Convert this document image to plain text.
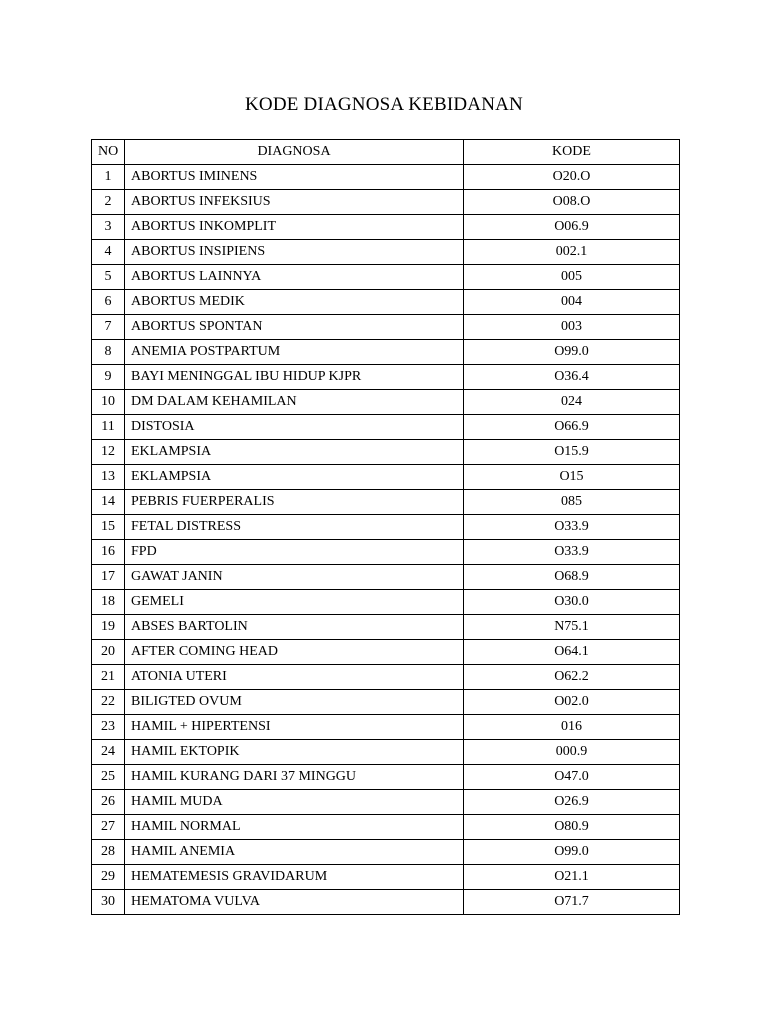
KODE DIAGNOSA KEBIDANAN
NO	DIAGNOSA	KODE
1	ABORTUS IMINENS	O20.O
2	ABORTUS INFEKSIUS	O08.O
3	ABORTUS INKOMPLIT	O06.9
4	ABORTUS INSIPIENS	002.1
5	ABORTUS LAINNYA	005
6	ABORTUS MEDIK	004
7	ABORTUS SPONTAN	003
8	ANEMIA POSTPARTUM	O99.0
9	BAYI MENINGGAL IBU HIDUP KJPR	O36.4
10	DM DALAM KEHAMILAN	024
11	DISTOSIA	O66.9
12	EKLAMPSIA	O15.9
13	EKLAMPSIA	O15
14	PEBRIS FUERPERALIS	085
15	FETAL DISTRESS	O33.9
16	FPD	O33.9
17	GAWAT JANIN	O68.9
18	GEMELI	O30.0
19	ABSES BARTOLIN	N75.1
20	AFTER COMING HEAD	O64.1
21	ATONIA UTERI	O62.2
22	BILIGTED OVUM	O02.0
23	HAMIL + HIPERTENSI	016
24	HAMIL EKTOPIK	000.9
25	HAMIL KURANG DARI 37 MINGGU	O47.0
26	HAMIL MUDA	O26.9
27	HAMIL NORMAL	O80.9
28	HAMIL ANEMIA	O99.0
29	HEMATEMESIS GRAVIDARUM	O21.1
30	HEMATOMA VULVA	O71.7
